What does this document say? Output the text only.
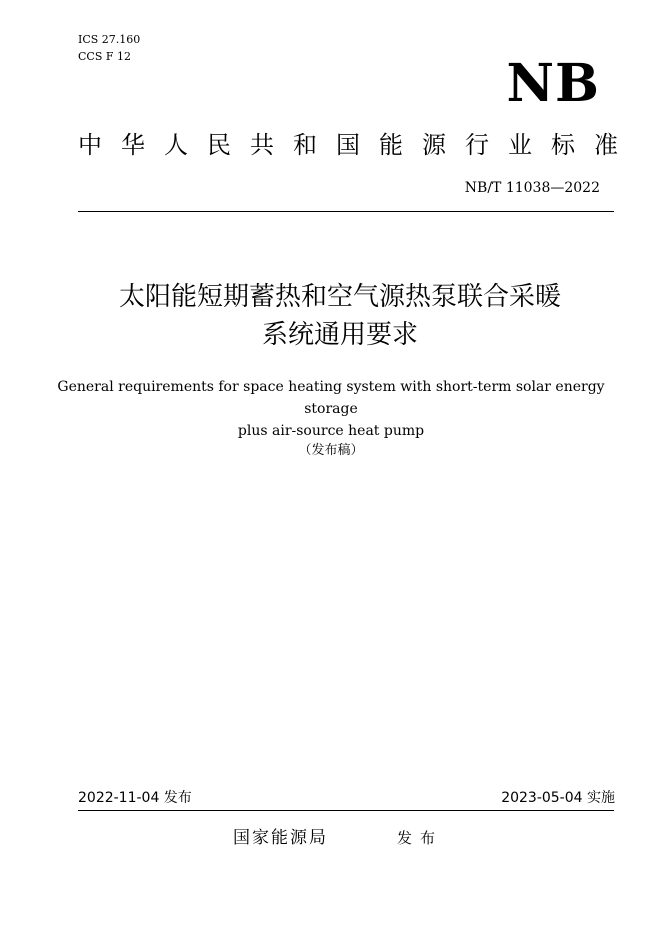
ICS 27.160
CCS F 12	NB
中 华 人 民 共 和 国 能 源 行 业 标 准
NB/T 11038—2022
太阳能短期蓄热和空气源热泵联合采暖
系统通用要求
General requirements for space heating system with short-term solar energy storage
plus air-source heat pump
（发布稿）
2022-11-04 发布	2023-05-04 实施
国家能源局	发布
